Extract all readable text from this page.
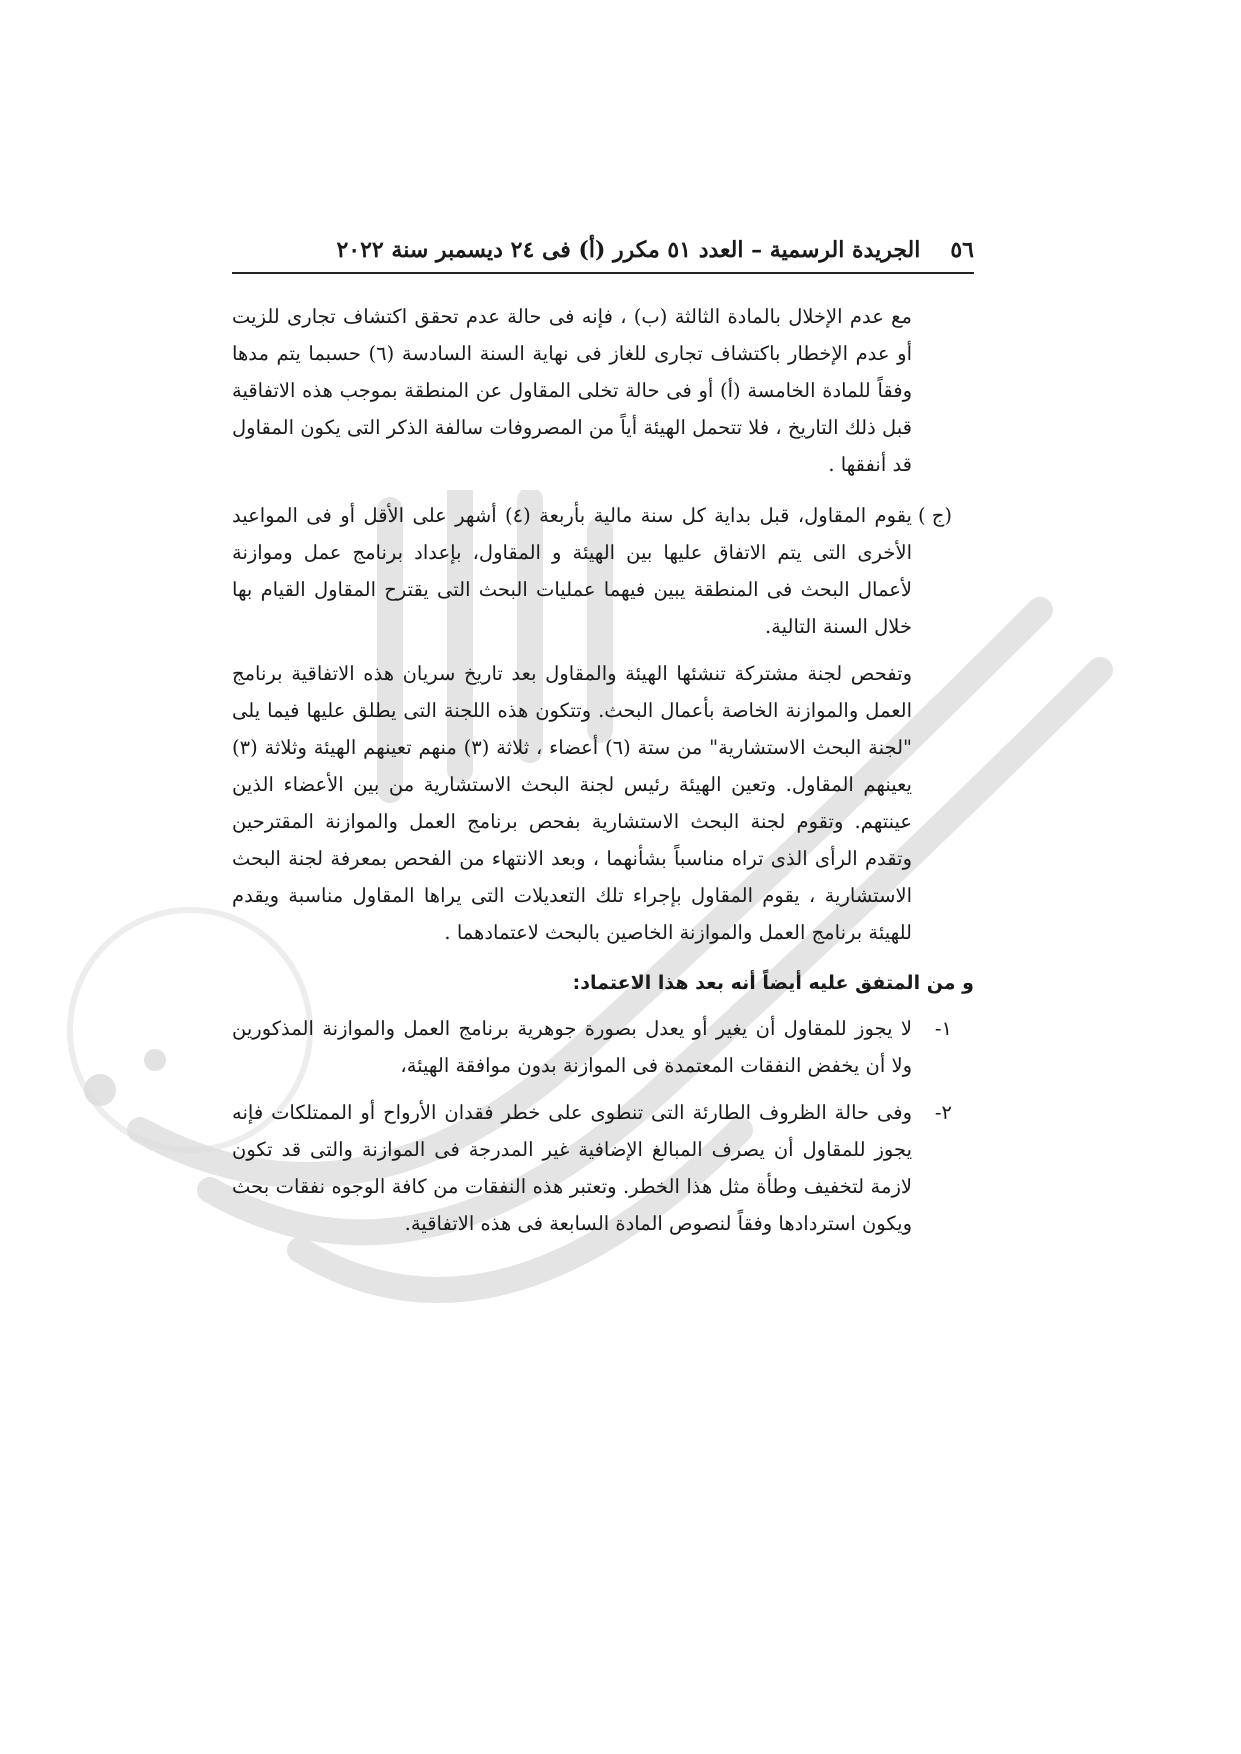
٥٦
الجريدة الرسمية – العدد ٥١ مكرر (أ) فى ٢٤ ديسمبر سنة ٢٠٢٢

مع عدم الإخلال بالمادة الثالثة (ب) ، فإنه فى حالة عدم تحقق اكتشاف تجارى للزيت أو عدم الإخطار باكتشاف تجارى للغاز فى نهاية السنة السادسة (٦) حسبما يتم مدها وفقاً للمادة الخامسة (أ) أو فى حالة تخلى المقاول عن المنطقة بموجب هذه الاتفاقية قبل ذلك التاريخ ، فلا تتحمل الهيئة أياً من المصروفات سالفة الذكر التى يكون المقاول قد أنفقها .

(ج )
يقوم المقاول، قبل بداية كل سنة مالية بأربعة (٤) أشهر على الأقل أو فى المواعيد الأخرى التى يتم الاتفاق عليها بين الهيئة و المقاول، بإعداد برنامج عمل وموازنة لأعمال البحث فى المنطقة يبين فيهما عمليات البحث التى يقترح المقاول القيام بها خلال السنة التالية.

وتفحص لجنة مشتركة تنشئها الهيئة والمقاول بعد تاريخ سريان هذه الاتفاقية برنامج العمل والموازنة الخاصة بأعمال البحث. وتتكون هذه اللجنة التى يطلق عليها فيما يلى "لجنة البحث الاستشارية" من ستة (٦) أعضاء ، ثلاثة (٣) منهم تعينهم الهيئة وثلاثة (٣) يعينهم المقاول. وتعين الهيئة رئيس لجنة البحث الاستشارية من بين الأعضاء الذين عينتهم. وتقوم لجنة البحث الاستشارية بفحص برنامج العمل والموازنة المقترحين وتقدم الرأى الذى تراه مناسباً بشأنهما ، وبعد الانتهاء من الفحص بمعرفة لجنة البحث الاستشارية ، يقوم المقاول بإجراء تلك التعديلات التى يراها المقاول مناسبة ويقدم للهيئة برنامج العمل والموازنة الخاصين بالبحث لاعتمادهما .

و من المتفق عليه أيضاً أنه بعد هذا الاعتماد:

١-
لا يجوز للمقاول أن يغير أو يعدل بصورة جوهرية برنامج العمل والموازنة المذكورين ولا أن يخفض النفقات المعتمدة فى الموازنة بدون موافقة الهيئة،
٢-
وفى حالة الظروف الطارئة التى تنطوى على خطر فقدان الأرواح أو الممتلكات فإنه يجوز للمقاول أن يصرف المبالغ الإضافية غير المدرجة فى الموازنة والتى قد تكون لازمة لتخفيف وطأة مثل هذا الخطر. وتعتبر هذه النفقات من كافة الوجوه نفقات بحث ويكون استردادها وفقاً لنصوص المادة السابعة فى هذه الاتفاقية.
